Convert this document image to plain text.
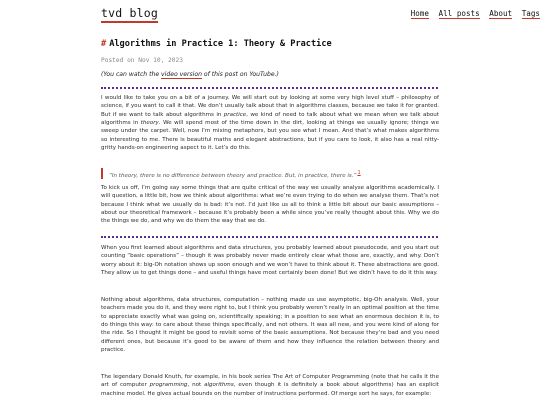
tvd blog	Home All posts About Tags
# Algorithms in Practice 1: Theory & Practice
Posted on Nov 10, 2023
(You can watch the video version of this post on YouTube.)

I would like to take you on a bit of a journey. We will start out by looking at some very high level stuff – philosophy of science, if you want to call it that. We don’t usually talk about that in algorithms classes, because we take it for granted. But if we want to talk about algorithms in practice, we kind of need to talk about what we mean when we talk about algorithms in theory. We will spend most of the time down in the dirt, looking at things we usually ignore; things we sweep under the carpet. Well, now I’m mixing metaphors, but you see what I mean. And that’s what makes algorithms so interesting to me. There is beautiful maths and elegant abstractions, but if you care to look, it also has a real nitty-gritty hands-on engineering aspect to it. Let’s do this.

“In theory, there is no difference between theory and practice. But, in practice, there is.”1

To kick us off, I’m going say some things that are quite critical of the way we usually analyse algorithms academically. I will question, a little bit, how we think about algorithms: what we’re even trying to do when we analyse them. That’s not because I think what we usually do is bad: it’s not. I’d just like us all to think a little bit about our basic assumptions – about our theoretical framework – because it’s probably been a while since you’ve really thought about this. Why we do the things we do, and why we do them the way that we do.

When you first learned about algorithms and data structures, you probably learned about pseudocode, and you start out counting “basic operations” – though it was probably never made entirely clear what those are, exactly, and why. Don’t worry about it: big-Oh notation shows up soon enough and we won’t have to think about it. These abstractions are good. They allow us to get things done – and useful things have most certainly been done! But we didn’t have to do it this way.

Nothing about algorithms, data structures, computation – nothing made us use asymptotic, big-Oh analysis. Well, your teachers made you do it, and they were right to, but I think you probably weren’t really in an optimal position at the time to appreciate exactly what was going on, scientifically speaking; in a position to see what an enormous decision it is, to do things this way: to care about these things specifically, and not others. It was all new, and you were kind of along for the ride. So I thought it might be good to revisit some of the basic assumptions. Not because they’re bad and you need different ones, but because it’s good to be aware of them and how they influence the relation between theory and practice.

The legendary Donald Knuth, for example, in his book series The Art of Computer Programming (note that he calls it the art of computer programming, not algorithms, even though it is definitely a book about algorithms) has an explicit machine model. He gives actual bounds on the number of instructions performed. Of merge sort he says, for example:
